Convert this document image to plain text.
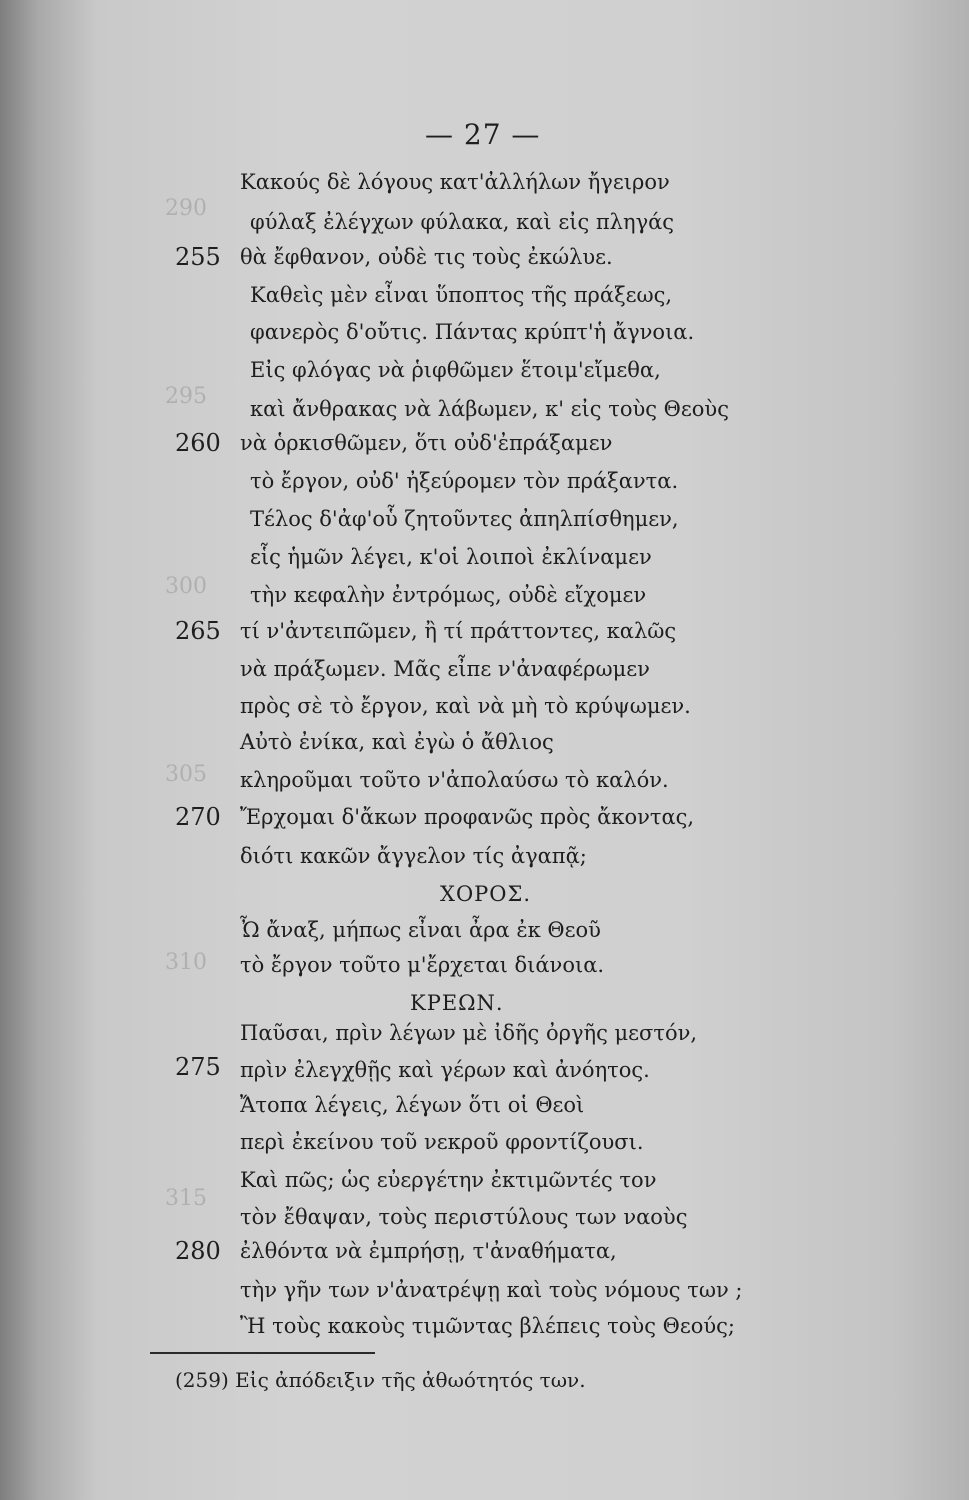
290
295
300
305
310
315
— 27 —
Κακούς δὲ λόγους κατ'ἀλλήλων ἤγειρον
φύλαξ ἐλέγχων φύλακα, καὶ εἰς πληγάς
255 θὰ ἔφθανον, οὐδὲ τις τοὺς ἐκώλυε.
Καθεὶς μὲν εἶναι ὕποπτος τῆς πράξεως,
φανερὸς δ'οὔτις. Πάντας κρύπτ'ἡ ἄγνοια.
Εἰς φλόγας νὰ ῥιφθῶμεν ἕτοιμ'εἴμεθα,
καὶ ἄνθρακας νὰ λάβωμεν, κ' εἰς τοὺς Θεοὺς
260 νὰ ὁρκισθῶμεν, ὅτι οὐδ'ἐπράξαμεν
τὸ ἔργον, οὐδ' ἠξεύρομεν τὸν πράξαντα.
Τέλος δ'ἀφ'οὗ ζητοῦντες ἀπηλπίσθημεν,
εἷς ἡμῶν λέγει, κ'οἱ λοιποὶ ἐκλίναμεν
τὴν κεφαλὴν ἐντρόμως, οὐδὲ εἴχομεν
265 τί ν'ἀντειπῶμεν, ἢ τί πράττοντες, καλῶς
νὰ πράξωμεν. Μᾶς εἶπε ν'ἀναφέρωμεν
πρὸς σὲ τὸ ἔργον, καὶ νὰ μὴ τὸ κρύψωμεν.
Αὐτὸ ἐνίκα, καὶ ἐγὼ ὁ ἄθλιος
κληροῦμαι τοῦτο ν'ἀπολαύσω τὸ καλόν.
270 Ἔρχομαι δ'ἄκων προφανῶς πρὸς ἄκοντας,
διότι κακῶν ἄγγελον τίς ἀγαπᾷ;
ΧΟΡΟΣ.
Ὦ ἄναξ, μήπως εἶναι ἆρα ἐκ Θεοῦ
τὸ ἔργον τοῦτο μ'ἔρχεται διάνοια.
ΚΡΕΩΝ.
Παῦσαι, πρὶν λέγων μὲ ἰδῆς ὀργῆς μεστόν,
275 πρὶν ἐλεγχθῇς καὶ γέρων καὶ ἀνόητος.
Ἄτοπα λέγεις, λέγων ὅτι οἱ Θεοὶ
περὶ ἐκείνου τοῦ νεκροῦ φροντίζουσι.
Καὶ πῶς; ὡς εὐεργέτην ἐκτιμῶντές τον
τὸν ἔθαψαν, τοὺς περιστύλους των ναοὺς
280 ἐλθόντα νὰ ἐμπρήσῃ, τ'ἀναθήματα,
τὴν γῆν των ν'ἀνατρέψῃ καὶ τοὺς νόμους των ;
Ἢ τοὺς κακοὺς τιμῶντας βλέπεις τοὺς Θεούς;
(259) Εἰς ἀπόδειξιν τῆς ἀθωότητός των.
